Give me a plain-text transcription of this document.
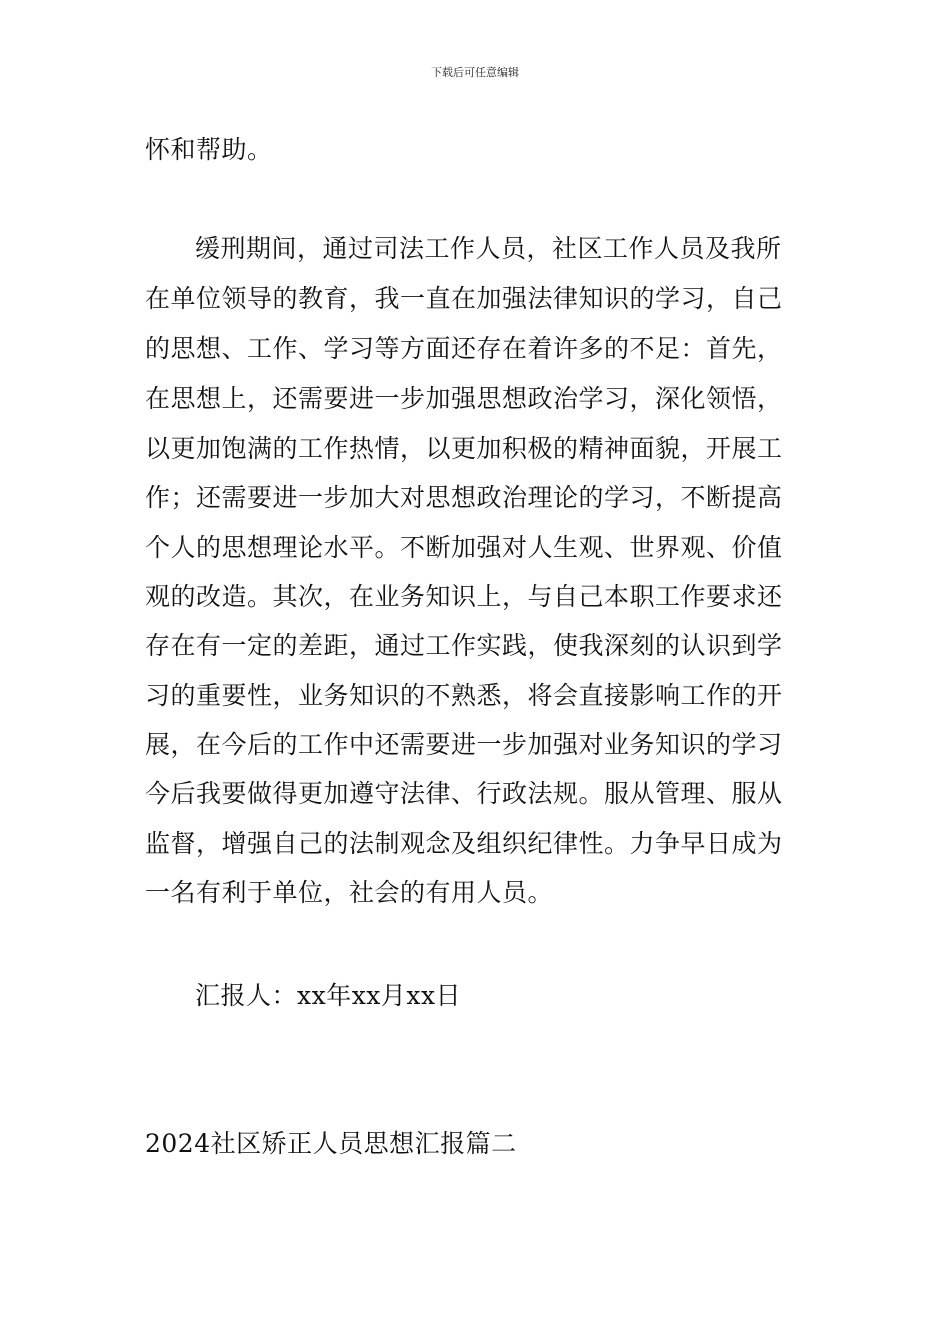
下载后可任意编辑
怀和帮助。
缓刑期间，通过司法工作人员，社区工作人员及我所
在单位领导的教育，我一直在加强法律知识的学习，自己
的思想、工作、学习等方面还存在着许多的不足：首先，
在思想上，还需要进一步加强思想政治学习，深化领悟，
以更加饱满的工作热情，以更加积极的精神面貌，开展工
作；还需要进一步加大对思想政治理论的学习，不断提高
个人的思想理论水平。不断加强对人生观、世界观、价值
观的改造。其次，在业务知识上，与自己本职工作要求还
存在有一定的差距，通过工作实践，使我深刻的认识到学
习的重要性，业务知识的不熟悉，将会直接影响工作的开
展，在今后的工作中还需要进一步加强对业务知识的学习
今后我要做得更加遵守法律、行政法规。服从管理、服从
监督，增强自己的法制观念及组织纪律性。力争早日成为
一名有利于单位，社会的有用人员。
汇报人：xx年xx月xx日
2024社区矫正人员思想汇报篇二
